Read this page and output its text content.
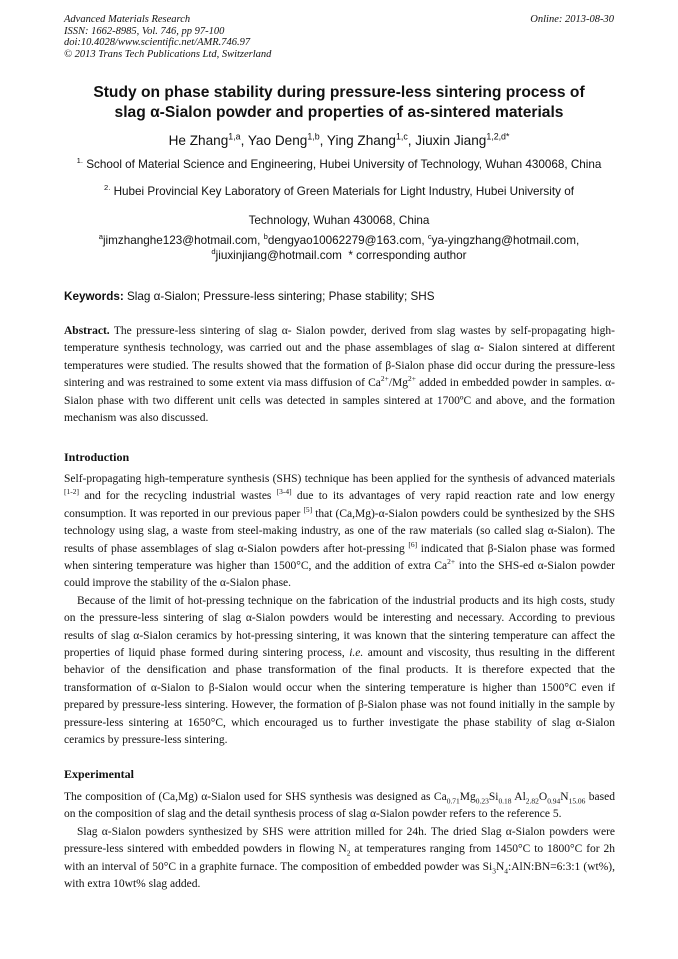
Advanced Materials Research
ISSN: 1662-8985, Vol. 746, pp 97-100
doi:10.4028/www.scientific.net/AMR.746.97
© 2013 Trans Tech Publications Ltd, Switzerland
Online: 2013-08-30
Study on phase stability during pressure-less sintering process of
slag α-Sialon powder and properties of as-sintered materials
He Zhang$^{1,a}$, Yao Deng$^{1,b}$, Ying Zhang$^{1,c}$, Jiuxin Jiang$^{1,2,d*}$
$^{1.}$ School of Material Science and Engineering, Hubei University of Technology, Wuhan 430068, China
$^{2.}$ Hubei Provincial Key Laboratory of Green Materials for Light Industry, Hubei University of
Technology, Wuhan 430068, China
$^a$jimzhanghe123@hotmail.com, $^b$dengyao10062279@163.com, $^c$ya-yingzhang@hotmail.com,
$^d$jiuxinjiang@hotmail.com * corresponding author
Keywords: Slag α-Sialon; Pressure-less sintering; Phase stability; SHS
Abstract. The pressure-less sintering of slag α- Sialon powder, derived from slag wastes by self-propagating high-temperature synthesis technology, was carried out and the phase assemblages of slag α- Sialon sintered at different temperatures were studied. The results showed that the formation of β-Sialon phase did occur during the pressure-less sintering and was restrained to some extent via mass diffusion of $Ca^{2+}/Mg^{2+}$ added in embedded powder in samples. α-Sialon phase with two different unit cells was detected in samples sintered at 1700ºC and above, and the formation mechanism was also discussed.
Introduction

Self-propagating high-temperature synthesis (SHS) technique has been applied for the synthesis of advanced materials [1-2] and for the recycling industrial wastes [3-4] due to its advantages of very rapid reaction rate and low energy consumption. It was reported in our previous paper [5] that (Ca,Mg)-α-Sialon powders could be synthesized by the SHS technology using slag, a waste from steel-making industry, as one of the raw materials (so called slag α-Sialon). The results of phase assemblages of slag α-Sialon powders after hot-pressing [6] indicated that β-Sialon phase was formed when sintering temperature was higher than 1500°C, and the addition of extra $Ca^{2+}$ into the SHS-ed α-Sialon powder could improve the stability of the α-Sialon phase.

Because of the limit of hot-pressing technique on the fabrication of the industrial products and its high costs, study on the pressure-less sintering of slag α-Sialon powders would be interesting and necessary. According to previous results of slag α-Sialon ceramics by hot-pressing sintering, it was known that the sintering temperature can affect the properties of liquid phase formed during sintering process, i.e. amount and viscosity, thus resulting in the different behavior of the densification and phase transformation of the final products. It is therefore expected that the transformation of α-Sialon to β-Sialon would occur when the sintering temperature is higher than 1500°C even if prepared by pressure-less sintering. However, the formation of β-Sialon phase was not found initially in the sample by pressure-less sintering at 1650°C, which encouraged us to further investigate the phase stability of slag α-Sialon ceramics by pressure-less sintering.

Experimental

The composition of (Ca,Mg) α-Sialon used for SHS synthesis was designed as $Ca_{0.71}Mg_{0.23}Si_{0.18}$ $Al_{2.82}O_{0.94}N_{15.06}$ based on the composition of slag and the detail synthesis process of slag α-Sialon powder refers to the reference 5.

Slag α-Sialon powders synthesized by SHS were attrition milled for 24h. The dried Slag α-Sialon powders were pressure-less sintered with embedded powders in flowing $N_2$ at temperatures ranging from 1450°C to 1800°C for 2h with an interval of 50°C in a graphite furnace. The composition of embedded powder was $Si_3N_4:AlN:BN=6:3:1$ (wt%), with extra 10wt% slag added.
